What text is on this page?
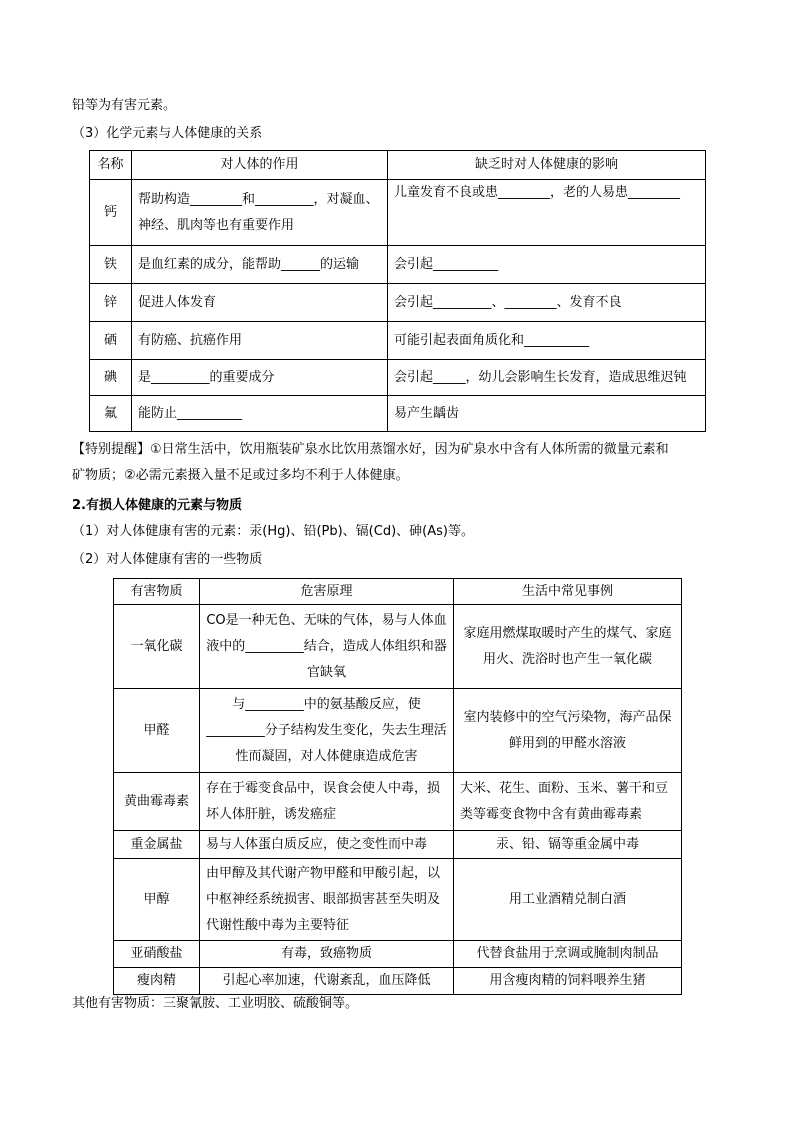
铅等为有害元素。
（3）化学元素与人体健康的关系
名称	对人体的作用	缺乏时对人体健康的影响
钙	帮助构造________和_________，对凝血、神经、肌肉等也有重要作用	儿童发育不良或患________，老的人易患________
铁	是血红素的成分，能帮助______的运输	会引起__________
锌	促进人体发育	会引起_________、________、发育不良
硒	有防癌、抗癌作用	可能引起表面角质化和__________
碘	是_________的重要成分	会引起_____，幼儿会影响生长发育，造成思维迟钝
氟	能防止__________	易产生龋齿
【特别提醒】①日常生活中，饮用瓶装矿泉水比饮用蒸馏水好，因为矿泉水中含有人体所需的微量元素和
矿物质；②必需元素摄入量不足或过多均不利于人体健康。
2.有损人体健康的元素与物质
（1）对人体健康有害的元素：汞(Hg)、铅(Pb)、镉(Cd)、砷(As)等。
（2）对人体健康有害的一些物质
有害物质	危害原理	生活中常见事例
一氧化碳	CO是一种无色、无味的气体，易与人体血液中的_________结合，造成人体组织和器官缺氧	家庭用燃煤取暖时产生的煤气、家庭用火、洗浴时也产生一氧化碳
甲醛	与_________中的氨基酸反应，使_________分子结构发生变化，失去生理活性而凝固，对人体健康造成危害	室内装修中的空气污染物，海产品保鲜用到的甲醛水溶液
黄曲霉毒素	存在于霉变食品中，误食会使人中毒，损坏人体肝脏，诱发癌症	大米、花生、面粉、玉米、薯干和豆类等霉变食物中含有黄曲霉毒素
重金属盐	易与人体蛋白质反应，使之变性而中毒	汞、铅、镉等重金属中毒
甲醇	由甲醇及其代谢产物甲醛和甲酸引起，以中枢神经系统损害、眼部损害甚至失明及代谢性酸中毒为主要特征	用工业酒精兑制白酒
亚硝酸盐	有毒，致癌物质	代替食盐用于烹调或腌制肉制品
瘦肉精	引起心率加速，代谢紊乱，血压降低	用含瘦肉精的饲料喂养生猪
其他有害物质：三聚氰胺、工业明胶、硫酸铜等。
